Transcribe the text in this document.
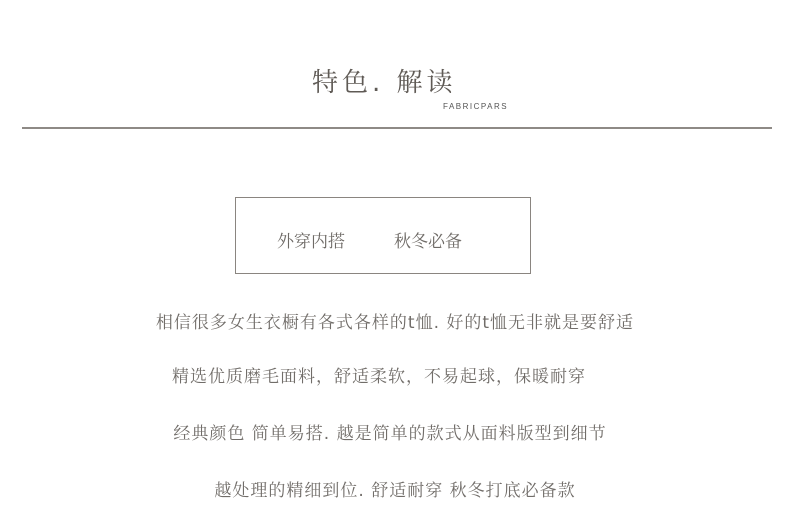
特色. 解读
FABRICPARS
外穿内搭	秋冬必备
相信很多女生衣橱有各式各样的t恤. 好的t恤无非就是要舒适
精选优质磨毛面料，舒适柔软，不易起球，保暖耐穿
经典颜色 简单易搭. 越是简单的款式从面料版型到细节
越处理的精细到位. 舒适耐穿 秋冬打底必备款
